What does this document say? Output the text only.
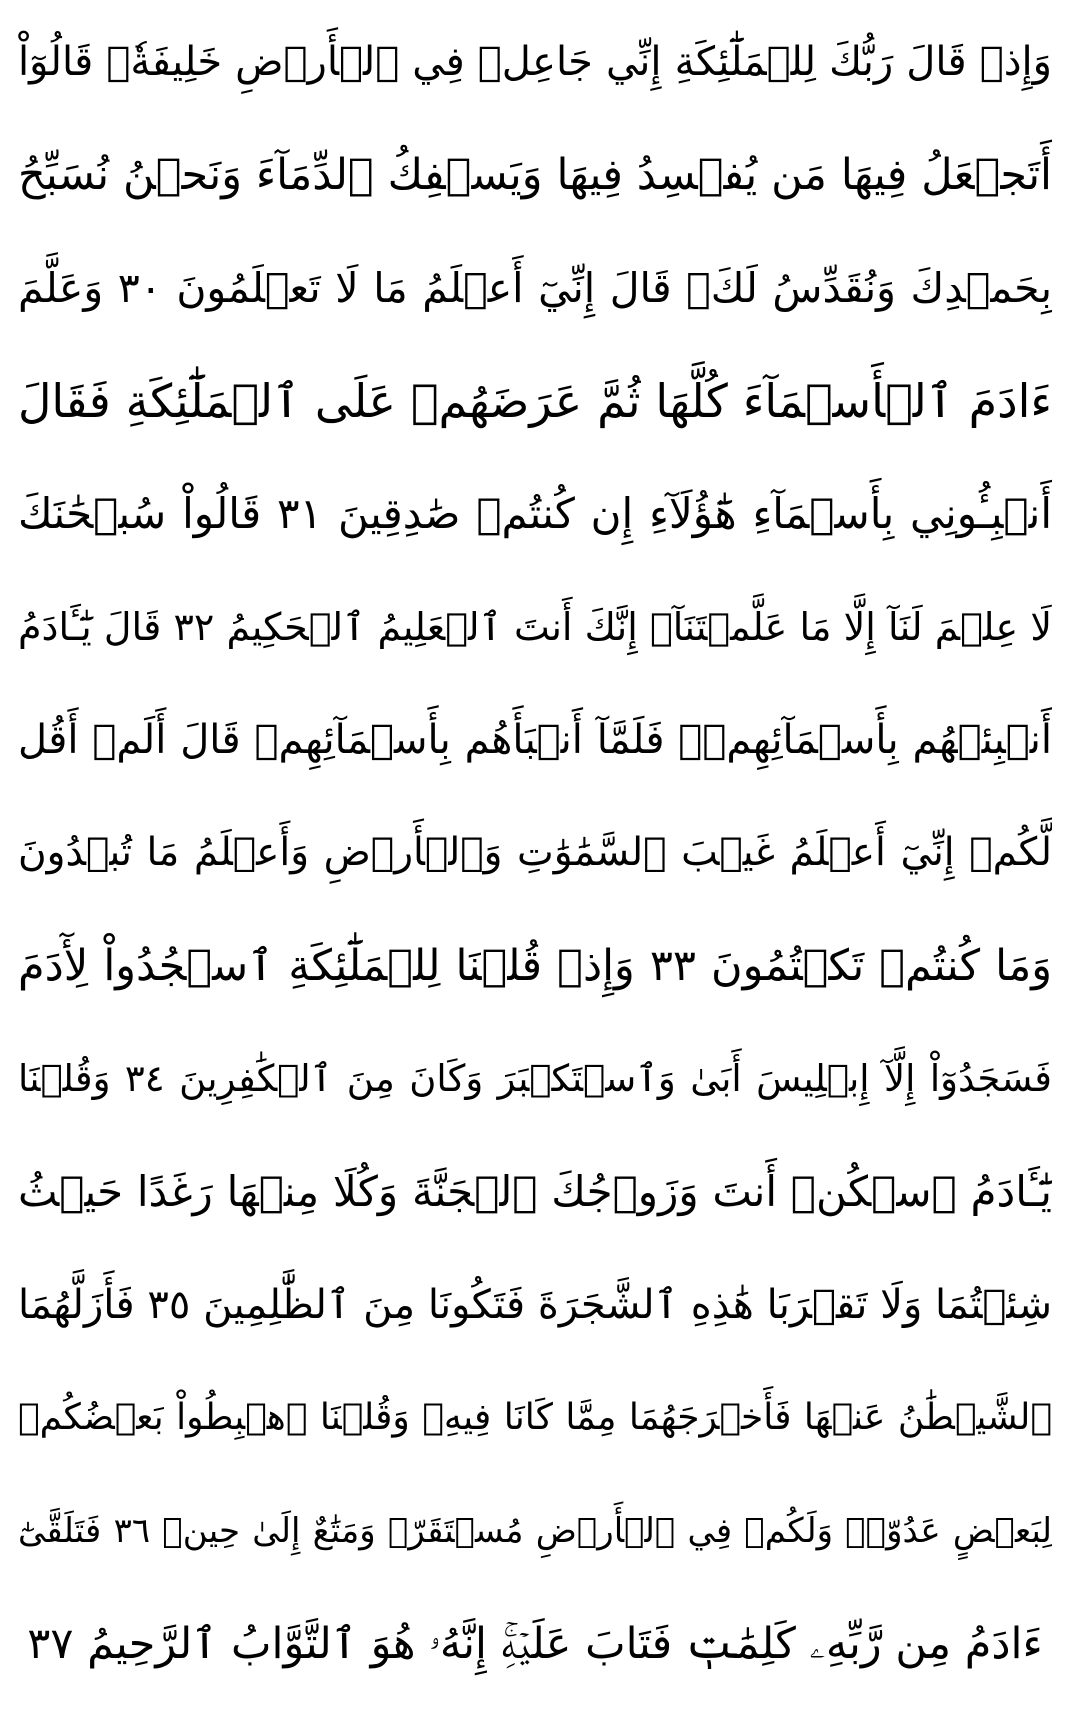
وَإِذۡ قَالَ رَبُّكَ لِلۡمَلَٰٓئِكَةِ إِنِّي جَاعِلٞ فِي ٱلۡأَرۡضِ خَلِيفَةٗۖ قَالُوٓاْ
أَتَجۡعَلُ فِيهَا مَن يُفۡسِدُ فِيهَا وَيَسۡفِكُ ٱلدِّمَآءَ وَنَحۡنُ نُسَبِّحُ
بِحَمۡدِكَ وَنُقَدِّسُ لَكَۖ قَالَ إِنِّيٓ أَعۡلَمُ مَا لَا تَعۡلَمُونَ ٣٠ وَعَلَّمَ
ءَادَمَ ٱلۡأَسۡمَآءَ كُلَّهَا ثُمَّ عَرَضَهُمۡ عَلَى ٱلۡمَلَٰٓئِكَةِ فَقَالَ
أَنۢبِـُٔونِي بِأَسۡمَآءِ هَٰٓؤُلَآءِ إِن كُنتُمۡ صَٰدِقِينَ ٣١ قَالُواْ سُبۡحَٰنَكَ
لَا عِلۡمَ لَنَآ إِلَّا مَا عَلَّمۡتَنَآۖ إِنَّكَ أَنتَ ٱلۡعَلِيمُ ٱلۡحَكِيمُ ٣٢ قَالَ يَٰٓـَٔادَمُ
أَنۢبِئۡهُم بِأَسۡمَآئِهِمۡۖ فَلَمَّآ أَنۢبَأَهُم بِأَسۡمَآئِهِمۡ قَالَ أَلَمۡ أَقُل
لَّكُمۡ إِنِّيٓ أَعۡلَمُ غَيۡبَ ٱلسَّمَٰوَٰتِ وَٱلۡأَرۡضِ وَأَعۡلَمُ مَا تُبۡدُونَ
وَمَا كُنتُمۡ تَكۡتُمُونَ ٣٣ وَإِذۡ قُلۡنَا لِلۡمَلَٰٓئِكَةِ ٱسۡجُدُواْ لِأٓدَمَ
فَسَجَدُوٓاْ إِلَّآ إِبۡلِيسَ أَبَىٰ وَٱسۡتَكۡبَرَ وَكَانَ مِنَ ٱلۡكَٰفِرِينَ ٣٤ وَقُلۡنَا
يَٰٓـَٔادَمُ ٱسۡكُنۡ أَنتَ وَزَوۡجُكَ ٱلۡجَنَّةَ وَكُلَا مِنۡهَا رَغَدًا حَيۡثُ
شِئۡتُمَا وَلَا تَقۡرَبَا هَٰذِهِ ٱلشَّجَرَةَ فَتَكُونَا مِنَ ٱلظَّٰلِمِينَ ٣٥ فَأَزَلَّهُمَا
ٱلشَّيۡطَٰنُ عَنۡهَا فَأَخۡرَجَهُمَا مِمَّا كَانَا فِيهِۖ وَقُلۡنَا ٱهۡبِطُواْ بَعۡضُكُمۡ
لِبَعۡضٍ عَدُوّٞۖ وَلَكُمۡ فِي ٱلۡأَرۡضِ مُسۡتَقَرّٞ وَمَتَٰعٌ إِلَىٰ حِينٖ ٣٦ فَتَلَقَّىٰٓ
ءَادَمُ مِن رَّبِّهِۦ كَلِمَٰتٖ فَتَابَ عَلَيۡهِۚ إِنَّهُۥ هُوَ ٱلتَّوَّابُ ٱلرَّحِيمُ ٣٧
